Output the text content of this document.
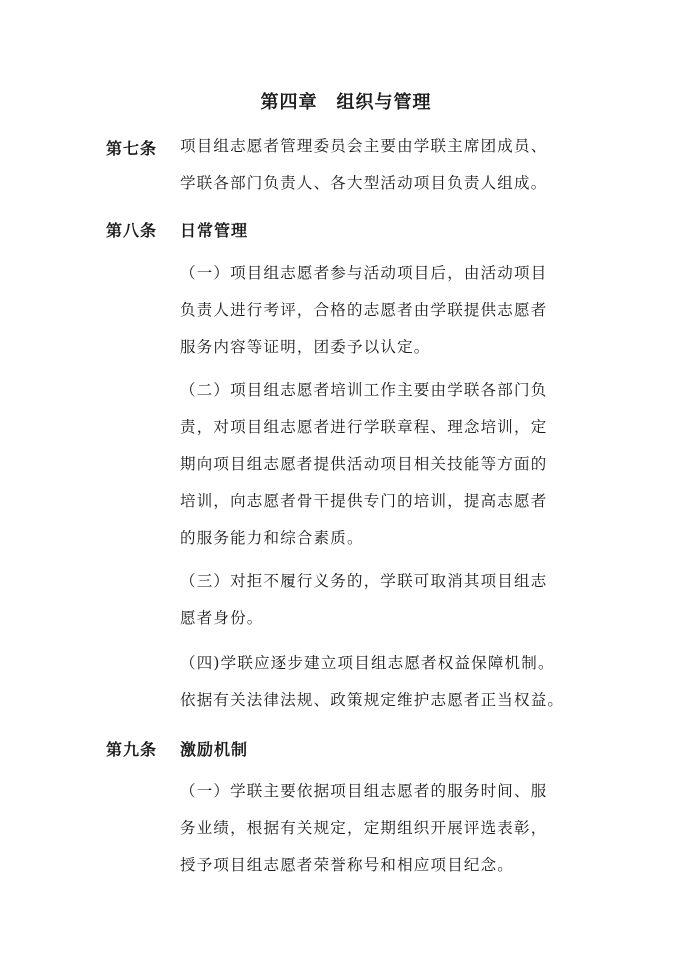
第四章　组织与管理
第七条 项目组志愿者管理委员会主要由学联主席团成员、
学联各部门负责人、各大型活动项目负责人组成。

第八条 日常管理

（一）项目组志愿者参与活动项目后，由活动项目
负责人进行考评，合格的志愿者由学联提供志愿者
服务内容等证明，团委予以认定。

（二）项目组志愿者培训工作主要由学联各部门负
责，对项目组志愿者进行学联章程、理念培训，定
期向项目组志愿者提供活动项目相关技能等方面的
培训，向志愿者骨干提供专门的培训，提高志愿者
的服务能力和综合素质。

（三）对拒不履行义务的，学联可取消其项目组志
愿者身份。

（四)学联应逐步建立项目组志愿者权益保障机制。
依据有关法律法规、政策规定维护志愿者正当权益。

第九条 激励机制

（一）学联主要依据项目组志愿者的服务时间、服
务业绩，根据有关规定，定期组织开展评选表彰，
授予项目组志愿者荣誉称号和相应项目纪念。
